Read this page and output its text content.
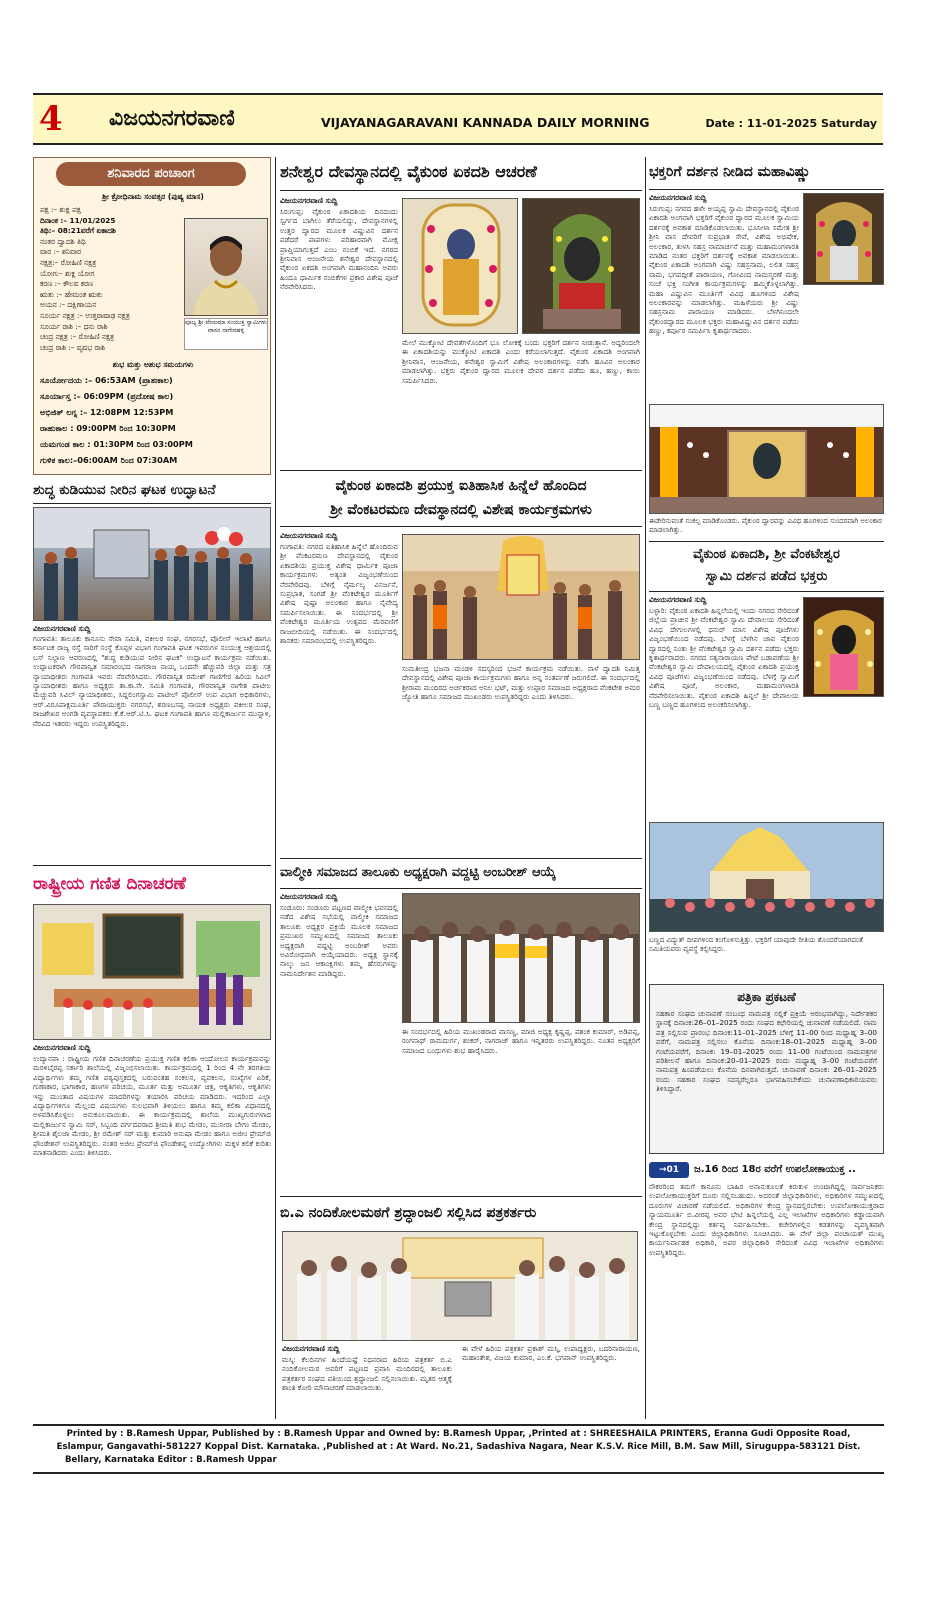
4 ವಿಜಯನಗರವಾಣಿ	VIJAYANAGARAVANI KANNADA DAILY MORNING	Date : 11-01-2025 Saturday
ಶನಿವಾರದ ಪಂಚಾಂಗ
ಶ್ರೀ ಕ್ರೋಧಿನಾಮ ಸಂವತ್ಸರ (ಪುಷ್ಯ ಮಾಸ)
ಪಕ್ಷ :– ಶುಕ್ಲ ಪಕ್ಷ
ದಿನಾಂಕ :– 11/01/2025
ತಿಥಿ:– 08:21ವರೆಗೆ ಏಕಾದಶಿ
ನಂತರ ದ್ವಾದಶಿ ತಿಥಿ
ವಾರ :– ಶನಿವಾರ
ನಕ್ಷತ್ರ:– ರೋಹಿಣಿ ನಕ್ಷತ್ರ
ಯೋಗ:– ಶುಕ್ಲ ಯೋಗ
ಕರಣ :– ಕೌಲವ ಕರಣ
ಋತು :– ಹೇಮಂತ ಋತು
ಅಯನ :– ದಕ್ಷಿಣಾಯನ
ಸೂರ್ಯ ನಕ್ಷತ್ರ :– ಉತ್ತರಾಷಾಢ ನಕ್ಷತ್ರ
ಸೂರ್ಯ ರಾಶಿ :– ಧನು ರಾಶಿ
ಚಂದ್ರ ನಕ್ಷತ್ರ :– ರೋಹಿಣಿ ನಕ್ಷತ್ರ
ಚಂದ್ರ ರಾಶಿ :– ವೃಷಭ ರಾಶಿ
ಪೂಜ್ಯ ಶ್ರೀ ವೇಣುಮಾ ಸಂಯುಕ್ತ ಸ್ವಾಮಿಗಳು ವಾಸನ ನಾಗೇನಹಳ್ಳಿ
ಶುಭ ಮತ್ತು ಅಶುಭ ಸಮಯಗಳು
ಸೂರ್ಯೋದಯ :– 06:53AM (ಪ್ರಾತಃಕಾಲ)
ಸೂರ್ಯಾಸ್ತ :– 06:09PM (ಪ್ರದೋಷ ಕಾಲ)
ಅಭಿಜಿತ್ ಲಗ್ನ :– 12:08PM 12:53PM
ರಾಹುಕಾಲ : 09:00PM ರಿಂದ 10:30PM
ಯಮಗಂಡ ಕಾಲ : 01:30PM ರಿಂದ 03:00PM
ಗುಳಿಕ ಕಾಲ:–06:00AM ರಿಂದ 07:30AM
ಶುದ್ಧ ಕುಡಿಯುವ ನೀರಿನ ಘಟಕ ಉದ್ಘಾಟನೆ
ವಿಜಯನಗರವಾಣಿ ಸುದ್ದಿ
ಗಂಗಾವತಿ: ತಾಲೂಕು ಕಾನೂನು ಸೇವಾ ಸಮಿತಿ, ವಕೀಲರ ಸಂಘ, ನಗರಸಭೆ, ಪೊಲೀಸ್ ಇಲಾಖೆ ಹಾಗೂ ಕರ್ನಾಟಕ ರಾಜ್ಯ ರಸ್ತೆ ಸಾರಿಗೆ ಸಂಸ್ಥೆ ಕೊಪ್ಪಳ ವಿಭಾಗ ಗಂಗಾವತಿ ಘಟಕ ಇವರುಗಳ ಸಂಯುಕ್ತ ಆಶ್ರಯದಲ್ಲಿ ಬಸ್ ನಿಲ್ದಾಣ ಆವರಣದಲ್ಲಿ "ಶುದ್ಧ ಕುಡಿಯುವ ನೀರಿನ ಘಟಕ" ಉದ್ಘಾಟನೆ ಕಾರ್ಯಕ್ರಮ ನಡೆಯಿತು. ಉದ್ಘಾಟಕರಾಗಿ ಗೌರವಾನ್ವಿತ ಸಮಾರಂಭದ ನಾಗರಾಜ ನಾಯ್ಕ ಒಂದನೇ ಹೆಚ್ಚುವರಿ ಜಿಲ್ಲಾ ಮತ್ತು ಸತ್ರ ನ್ಯಾಯಾಧೀಶರು ಗಂಗಾವತಿ ಇವರು ನೆರವೇರಿಸಿದರು. ಗೌರವಾನ್ವಿತ ರಮೇಶ್ ಗಾಣಿಗೇರ ಹಿರಿಯ ಸಿವಿಲ್ ನ್ಯಾಯಾಧೀಶರು ಹಾಗೂ ಅಧ್ಯಕ್ಷರು ತಾ.ಕಾ.ಸೇ. ಸಮಿತಿ ಗಂಗಾವತಿ, ಗೌರವಾನ್ವಿತ ನಾಗೇಶ ಪಾಟೀಲ ಮೆಚ್ಚುವರಿ ಸಿವಿಲ್ ನ್ಯಾಯಾಧೀಶರು, ಸಿದ್ದಲಿಂಗಸ್ವಾಮಿ ಪಾಟೀಲ್ ಪೊಲೀಸ್ ಉಪ ವಿಭಾಗ ಅಧಿಕಾರಿಗಳು, ಆರ್.ವಿರೂಪಾಕ್ಷಮೂರ್ತಿ ಪೌರಾಯುಕ್ತರು ನಗರಸಭೆ, ಶರಣಬಸಪ್ಪ ನಾಯಕ ಅಧ್ಯಕ್ಷರು ವಕೀಲರ ಸಂಘ, ರಾಜಶೇಖರ ಅಂಗಡಿ ವ್ಯವಸ್ಥಾಪಕರು ಕೆ.ಕೆ.ಆರ್.ಟಿ.ಸಿ. ಘಟಕ ಗಂಗಾವತಿ ಹಾಗೂ ಮಲ್ಲಿಕಾರ್ಜುನ ಮುನ್ನಾಳಿ, ನೆರವಿದ ಇತರರು ಇದ್ದರು ಉಪಸ್ಥಿತರಿದ್ದರು.
ರಾಷ್ಟ್ರೀಯ ಗಣಿತ ದಿನಾಚರಣೆ
ವಿಜಯನಗರವಾಣಿ ಸುದ್ದಿ
ಉದ್ಯಾನವಾ : ರಾಷ್ಟ್ರೀಯ ಗಣಿತ ದಿನಾಚರಣೆಯ ಪ್ರಯುಕ್ತ ಗಣಿತ ಕಲಿಕಾ ಆಂದೋಲನ ಕಾರ್ಯಕ್ರಮವನ್ನು ಮರಳಿಬೈರಪ್ಪ ಸರ್ಕಾರಿ ಶಾಲೆಯಲ್ಲಿ ವಿಜೃಂಭಿಸಲಾಯಿತು. ಕಾರ್ಯಕ್ರಮದಲ್ಲಿ 1 ರಿಂದ 4 ನೇ ತರಗತಿಯ ವಿದ್ಯಾರ್ಥಿಗಳು ತಮ್ಮ ಗಣಿತ ಪಠ್ಯಪುಸ್ತಕದಲ್ಲಿ ಬರುವಂತಹ ಸಂಕಲನ, ವ್ಯವಕಲನ, ಸಂಖ್ಯೆಗಳ ಏರಿಕೆ, ಗುಣಾಕಾರ, ಭಾಗಾಕಾರ, ಹಣಗಳ ಪರಿಚಯ, ಮೂರ್ತ ಮತ್ತು ಅಮೂರ್ತ ಚಿತ್ರ, ಆಕೃತಿಗಳು, ಆಕೃತಿಗಳು ಇನ್ನು ಮುಂತಾದ ವಿಷಯಗಳ ಮಾದರಿಗಳನ್ನು ತಯಾರಿಸಿ ಪರಿಚಯ ಮಾಡಿದರು. ಇದರಿಂದ ಎಲ್ಲಾ ವಿದ್ಯಾರ್ಥಿಗಳಿಗೂ ಮೆಲ್ಲಂದ ವಿಷಯಗಳು ಸುಲಭವಾಗಿ ತಿಳಿಯಲು ಹಾಗೂ ತಮ್ಮ ಕಲಿಕಾ ವಿಧಾನದಲ್ಲಿ ಅಳವಡಿಸಿಕೊಳ್ಳಲು ಅನುಕೂಲವಾಯಿತು. ಈ ಕಾರ್ಯಕ್ರಮದಲ್ಲಿ ಶಾಲೆಯ ಮುಖ್ಯಗುರುಗಳಾದ ಮಲ್ಲಿಕಾರ್ಜುನ ಸ್ವಾಮಿ ಸರ್, ಸಿಬ್ಬಂದಿ ವರ್ಗದವರಾದ ಶ್ರೀಮತಿ ಶುಭ ಮೇಡಂ, ಮುನೀರಾ ಬೇಗಂ ಮೇಡಂ, ಶ್ರೀಮತಿ ಶೈಲಜಾ ಮೇಡಂ, ಶ್ರೀ ರಮೇಶ್ ಸರ್ ಮತ್ತು ಕುಮಾರಿ ಅನುಷಾ ಮೇಡಂ ಹಾಗೂ ಅಜೀಂ ಪ್ರೇಮ್‌ಜಿ ಫೌಂಡೇಶನ್ ಉಪಸ್ಥಿತರಿದ್ದರು. ನಂತರ ಅಜೀಂ ಪ್ರೇಮ್‌ಜಿ ಫೌಂಡೇಶನ್ನ ಉದ್ಯೋಗಿಗಳು ಮಕ್ಕಳ ಕಲಿಕೆ ಕುರಿತು ಮಾತನಾಡಿದರು ಎಂದು ತಿಳಿಸಿದರು.
ಶನೇಶ್ವರ ದೇವಸ್ಥಾನದಲ್ಲಿ ವೈಕುಂಠ ಏಕದಶಿ ಆಚರಣೆ
ವಿಜಯನಗರವಾಣಿ ಸುದ್ದಿ
ಸಿರುಗುಪ್ಪ: ವೈಕುಂಠ ಏಕಾದಶಿಯ ದಿನದಂದು ಸ್ವರ್ಗದ ಬಾಗಿಲು ತೆರೆಯಲಿದ್ದು, ದೇವಸ್ಥಾನಗಳಲ್ಲಿ ಉತ್ತರ ದ್ವಾರದ ಮೂಲಕ ವಿಷ್ಣುವಿನ ದರ್ಶನ ಪಡೆದರೆ ಪಾಪಗಳು ಪರಿಹಾರವಾಗಿ ಮೋಕ್ಷ ಪ್ರಾಪ್ತಿಯಾಗುತ್ತದೆ ಎಂಬ ನಂಬಿಕೆ ಇದೆ. ನಗರದ ಶ್ರೀನಿವಾಸ ಆಂಜನೇಯ ಶನೇಶ್ವರ ದೇವಸ್ಥಾನದಲ್ಲಿ ವೈಕುಂಠ ಏಕದಶಿ ಅಂಗವಾಗಿ ಮಹಾನಂದಿನಿ ಅವರು ಹಿಂದೂ ಧಾರ್ಮಿಕ ನಂಬಿಕೆಗಳ ಪ್ರಕಾರ ವಿಶೇಷ ಪೂಜೆ ನೆರವೇರಿಸಿದರು.
ಮೇಲೆ ಮುಕ್ಕೋಟಿ ದೇವತೆಗಳೊಂದಿಗೆ ಭೂ ಲೋಕಕ್ಕೆ ಬಂದು ಭಕ್ತರಿಗೆ ದರ್ಶನ ನೀಡುತ್ತಾನೆ. ಅದ್ದರಿಂದಲೇ ಈ ಏಕಾದಶಿಯನ್ನು ಮುಕ್ಕೋಟಿ ಏಕಾದಶಿ ಎಂದು ಕರೆಯಲಾಗುತ್ತದೆ. ವೈಕುಂಠ ಏಕಾದಶಿ ಅಂಗವಾಗಿ ಶ್ರೀನಿವಾಸ, ಆಂಜನೇಯ, ಶನೇಶ್ವರ ಸ್ವಾಮಿಗೆ ವಿಶೇಷ ಅಲಂಕಾರಗಳನ್ನು ನಡೆಸಿ ಹೂವಿನ ಅಲಂಕಾರ ಮಾಡಲಾಗಿತ್ತು. ಭಕ್ತರು ವೈಕುಂಠ ದ್ವಾರದ ಮೂಲಕ ದೇವರ ದರ್ಶನ ಪಡೆದು ಹೂ, ಹಣ್ಣು, ಕಾಯಿ ಸಮರ್ಪಿಸಿದರು.
ವೈಕುಂಠ ಏಕಾದಶಿ ಪ್ರಯುಕ್ತ ಐತಿಹಾಸಿಕ ಹಿನ್ನೆಲೆ ಹೊಂದಿದ
ಶ್ರೀ ವೆಂಕಟರಮಣ ದೇವಸ್ಥಾನದಲ್ಲಿ ವಿಶೇಷ ಕಾರ್ಯಕ್ರಮಗಳು
ವಿಜಯನಗರವಾಣಿ ಸುದ್ದಿ
ಗಂಗಾವತಿ: ನಗರದ ಐತಿಹಾಸಿಕ ಹಿನ್ನೆಲೆ ಹೊಂದಿರುವ ಶ್ರೀ ವೆಂಕಟರಮಣ ದೇವಸ್ಥಾನದಲ್ಲಿ ವೈಕುಂಠ ಏಕಾದಶಿಯ ಪ್ರಯುಕ್ತ ವಿಶೇಷ ಧಾರ್ಮಿಕ ಪೂಜಾ ಕಾರ್ಯಕ್ರಮಗಳು ಅತ್ಯಂತ ವಿಜೃಂಭಣೆಯಿಂದ ನೆರವೇರಿದವು. ಬೆಳಿಗ್ಗೆ ನೈರ್ಮಲ್ಯ ವಿಸರ್ಜನೆ, ಸುಪ್ರಭಾತ, ಸಂಗಡೆ ಶ್ರೀ ವೆಂಕಟೇಶ್ವರ ಮೂರ್ತಿಗೆ ವಿಶೇಷ ಪುಷ್ಪಾ ಅಲಂಕಾರ ಹಾಗೂ ನೈವೇದ್ಯ ಸಮರ್ಪಿಸಲಾಯಿತು. ಈ ಸಂದರ್ಭದಲ್ಲಿ ಶ್ರೀ ವೆಂಕಟೇಶ್ವರ ಮೂರ್ತಿಯ ಉತ್ಸವದ ಮೆರವಣಿಗೆ ರಾಜಬೀದಿಯಲ್ಲಿ ನಡೆಯಿತು. ಈ ಸಂದರ್ಭದಲ್ಲಿ ಶಾಸಕರು ಸಮಾರಂಭದಲ್ಲಿ ಉಪಸ್ಥಿತರಿದ್ದರು.
ಸುಮತೀಂದ್ರ ಭಜನಾ ಮಂಡಳಿ ಸದಸ್ಯರಿಂದ ಭಜನೆ ಕಾರ್ಯಕ್ರಮ ನಡೆಯಿತು. ನಾಳೆ ದ್ವಾದಶಿ ನಿಮಿತ್ತ ದೇವಸ್ಥಾನದಲ್ಲಿ ವಿಶೇಷ ಪೂಜಾ ಕಾರ್ಯಕ್ರಮಗಳು ಹಾಗೂ ಅನ್ನ ಸಂತರ್ಪಣೆ ಜರುಗಲಿದೆ. ಈ ಸಂದರ್ಭದಲ್ಲಿ ಶ್ರೀರಾಮ ಮಂದಿರದ ಅರ್ಚಕರಾದ ಅನಿಲ ಭಟ್, ಮತ್ತು ಉಪ್ಪಾರ ಸಮಾಜದ ಅಧ್ಯಕ್ಷರಾದ ವೆಂಕಟೇಶ ಅಮರ ಜ್ಯೋತಿ ಹಾಗೂ ಸಮಾಜದ ಮುಖಂಡರು ಉಪಸ್ಥಿತರಿದ್ದರು ಎಂದು ತಿಳಿಸಿದರು.
ವಾಲ್ಮೀಕಿ ಸಮಾಜದ ತಾಲೂಕು ಅಧ್ಯಕ್ಷರಾಗಿ ವದ್ದಟ್ಟಿ ಅಂಬರೀಶ್ ಆಯ್ಕೆ
ವಿಜಯನಗರವಾಣಿ ಸುದ್ದಿ
ಸಂಡೂರು: ಸಂಡೂರು ಪಟ್ಟಣದ ವಾಲ್ಮೀಕಿ ಭವನದಲ್ಲಿ ನಡೆದ ವಿಶೇಷ ಸಭೆಯಲ್ಲಿ ವಾಲ್ಮೀಕಿ ಸಮಾಜದ ತಾಲೂಕು ಅಧ್ಯಕ್ಷರ ಪ್ರಕ್ರಿಯೆ ಮೂಲಕ ಸಮಾಜದ ಪ್ರಮುಖರ ಸಮ್ಮುಖದಲ್ಲಿ ಸಮಾಜದ ತಾಲೂಕು ಅಧ್ಯಕ್ಷರಾಗಿ ವದ್ದಟ್ಟಿ ಅಂಬರೀಶ್ ಅವರು ಅವಿರೋಧವಾಗಿ ಆಯ್ಕೆಯಾದರು. ಅಧ್ಯಕ್ಷ ಸ್ಥಾನಕ್ಕೆ ನಾಲ್ಕು ಜನ ಆಕಾಂಕ್ಷಿಗಳು ತಮ್ಮ ಹೆಸರುಗಳನ್ನು ನಾಮನಿರ್ದೇಶನ ಮಾಡಿದ್ದರು.
ಈ ಸಂದರ್ಭದಲ್ಲಿ ಹಿರಿಯ ಮುಖಂಡರಾದ ವಾಸಣ್ಣ, ಮಾಜಿ ಅಧ್ಯಕ್ಷ ಕೃಷ್ಣಪ್ಪ, ಪಶಂಕ ಕುಮಾರ್, ಅಡಿವಪ್ಪ, ರಂಗನಾಥ್ ರಾಮದುರ್ಗ, ಶಂಕರ್, ನಾಗರಾಜ್ ಹಾಗೂ ಇನ್ನಿತರರು ಉಪಸ್ಥಿತರಿದ್ದರು. ನೂತನ ಅಧ್ಯಕ್ಷರಿಗೆ ಸಮಾಜದ ಬಂಧುಗಳು ಶುಭ ಹಾರೈಸಿದರು.
ಬಿ.ಎ ನಂದಿಕೋಲಮಠಗೆ ಶ್ರದ್ಧಾಂಜಲಿ ಸಲ್ಲಿಸಿದ ಪತ್ರಕರ್ತರು
ವಿಜಯನಗರವಾಣಿ ಸುದ್ದಿ
ಮಸ್ಕಿ: ಕೆಲದಿನಗಳ ಹಿಂದೆಯಷ್ಟೆ ನಿಧನರಾದ ಹಿರಿಯ ಪತ್ರಕರ್ತ ಬಿ.ಎ ನಂದಿಕೋಲಮಠ ಅವರಿಗೆ ಪಟ್ಟಣದ ಪ್ರವಾಸಿ ಮಂದಿರದಲ್ಲಿ ತಾಲೂಕು ಪತ್ರಕರ್ತರ ಸಂಘದ ವತಿಯಿಂದ ಶ್ರದ್ಧಾಂಜಲಿ ಸಲ್ಲಿಸಲಾಯಿತು. ಮೃತರ ಆತ್ಮಕ್ಕೆ ಶಾಂತಿ ಕೋರಿ ಮೌನಾಚರಣೆ ಮಾಡಲಾಯಿತು.
ಈ ವೇಳೆ ಹಿರಿಯ ಪತ್ರಕರ್ತ ಪ್ರಕಾಶ್ ಮಸ್ಕಿ, ಉಪಾಧ್ಯಕ್ಷರು, ಬದರಿನಾರಾಯಣ, ಮಹಾಂತೇಶ, ವಿಜಯ ಕುಮಾರ, ಎಂ.ಕೆ. ಭಗವಾನ್ ಉಪಸ್ಥಿತರಿದ್ದರು.
ಭಕ್ತರಿಗೆ ದರ್ಶನ ನೀಡಿದ ಮಹಾವಿಷ್ಣು
ವಿಜಯನಗರವಾಣಿ ಸುದ್ದಿ
ಸಿರುಗುಪ್ಪ: ನಗರದ ಹಳೇ ಅಯ್ಯಪ್ಪ ಸ್ವಾಮಿ ದೇವಸ್ಥಾನದಲ್ಲಿ ವೈಕುಂಠ ಏಕಾದಶಿ ಅಂಗವಾಗಿ ಭಕ್ತರಿಗೆ ವೈಕುಂಠ ದ್ವಾರದ ಮೂಲಕ ಸ್ವಾಮಿಯ ದರ್ಶನಕ್ಕೆ ಅವಕಾಶ ಮಾಡಿಕೊಡಲಾಯಿತು. ಭೂನೀಳಾ ಸಮೇತ ಶ್ರೀ ಶ್ರೀನಿ ವಾಸ ದೇವರಿಗೆ ಸುಪ್ರಭಾತ ಸೇವೆ, ವಿಶೇಷ ಅಭಿಷೇಕ, ಅಲಂಕಾರ, ತುಳಸಿ ಸಹಸ್ರ ನಾಮಾರ್ಚನೆ ಮತ್ತು ಮಹಾಮಂಗಳಾರತಿ ಮಾಡಿದ ನಂತರ ಭಕ್ತರಿಗೆ ದರ್ಶನಕ್ಕೆ ಅವಕಾಶ ಮಾಡಲಾಯಿತು. ವೈಕುಂಠ ಏಕಾದಶಿ ಅಂಗವಾಗಿ ವಿಷ್ಣು ಸಹಸ್ರನಾಮ, ಲಲಿತ ಸಹಸ್ರ ನಾಮ, ಭಗವದ್ಗೀತೆ ಪಾರಾಯಣ, ಗೋವಿಂದ ನಾಮಸ್ಮರಣೆ ಮತ್ತು ಸಂಜೆ ಭಕ್ತಿ ಸಂಗೀತ ಕಾರ್ಯಕ್ರಮಗಳನ್ನು ಹಮ್ಮಿಕೊಳ್ಳಲಾಗಿತ್ತು. ಮಹಾ ವಿಷ್ಣುವಿನ ಮೂರ್ತಿಗೆ ವಿವಿಧ ಹೂಗಳಿಂದ ವಿಶೇಷ ಅಲಂಕಾರವನ್ನು ಮಾಡಲಾಗಿತ್ತು. ಮಹಿಳೆಯರು ಶ್ರೀ ವಿಷ್ಣು ಸಹಸ್ರನಾಮ ಪಾರಾಯಣ ಮಾಡಿದರು. ಬೆಳಗಿನಿಂದಲೇ ವೈಕುಂಠದ್ವಾರದ ಮೂಲಕ ಭಕ್ತರು ಮಹಾವಿಷ್ಣುವಿನ ದರ್ಶನ ಪಡೆದು ಹಣ್ಣು, ಕರ್ಪೂರ ಸಮರ್ಪಿಸಿ ಕೃತಾರ್ಥರಾದರು.
ಈಡೇರಿಸುವಂತೆ ಸಂಕಲ್ಪ ಮಾಡಿಕೊಂಡರು. ವೈಕುಂಠ ದ್ವಾರವನ್ನು ವಿವಿಧ ಹೂಗಳಿಂದ ಸುಂದರವಾಗಿ ಅಲಂಕಾರ ಮಾಡಲಾಗಿತ್ತು.
ವೈಕುಂಠ ಏಕಾದಶಿ, ಶ್ರೀ ವೆಂಕಟೇಶ್ವರ
ಸ್ವಾಮಿ ದರ್ಶನ ಪಡೆದ ಭಕ್ತರು
ವಿಜಯನಗರವಾಣಿ ಸುದ್ದಿ
ಬಳ್ಳಾರಿ: ವೈಕುಂಠ ಏಕಾದಶಿ ಹಿನ್ನಲೆಯಲ್ಲಿ ಇಂದು ನಗರದ ಸೇರಿದಂತೆ ಜಿಲ್ಲೆಯ ಪ್ರಾಚೀನ ಶ್ರೀ ವೆಂಕಟೇಶ್ವರ ಸ್ವಾಮಿ ದೇವಾಲಯ ಸೇರಿದಂತೆ ವಿವಿಧ ದೇಗುಲಗಳಲ್ಲಿ ಧನುರ್ ಮಾಸ ವಿಶೇಷ ಪೂಜೆಗಳು ವಿಜೃಂಭಣೆಯಿಂದ ನಡೆದವು. ಬೆಳಗ್ಗೆ ಬೆಳಗಿನ ಜಾವ ವೈಕುಂಠ ದ್ವಾರದಲ್ಲಿ ನಿಂತು ಶ್ರೀ ವೆಂಕಟೇಶ್ವರ ಸ್ವಾಮಿ ದರ್ಶನ ಪಡೆದು ಭಕ್ತರು ಕೃತಾರ್ಥರಾದರು. ನಗರದ ಸತ್ಯನಾರಾಯಣ ಪೇಟೆ ಬಡಾವಣೆಯ ಶ್ರೀ ವೆಂಕಟೇಶ್ವರ ಸ್ವಾಮಿ ದೇವಾಲಯದಲ್ಲಿ ವೈಕುಂಠ ಏಕಾದಶಿ ಪ್ರಯುಕ್ತ ವಿವಿಧ ಪೂಜೆಗಳು ವಿಜೃಂಭಣೆಯಿಂದ ನಡೆದವು. ಬೆಳಗ್ಗೆ ಸ್ವಾಮಿಗೆ ವಿಶೇಷ ಪೂಜೆ, ಅಲಂಕಾರ, ಮಹಾಮಂಗಳಾರತಿ ನೆರವೇರಿಸಲಾಯಿತು. ವೈಕುಂಠ ಏಕಾದಶಿ ಹಿನ್ನಲೆ ಶ್ರೀ ದೇವಾಲಯ ಬಣ್ಣ ಬಣ್ಣದ ಹೂಗಳಿಂದ ಅಲಂಕರಿಸಲಾಗಿತ್ತು.
ಬಣ್ಣದ ವಿದ್ಯುತ್ ದೀಪಗಳಿಂದ ಕಂಗೊಳಿಸುತ್ತಿತ್ತು. ಭಕ್ತರಿಗೆ ಯಾವುದೇ ರೀತಿಯ ತೊಂದರೆಯಾಗದಂತೆ ಸಮಿತಿಯವರು ವ್ಯವಸ್ಥೆ ಕಲ್ಪಿಸಿದ್ದರು.
ಪತ್ರಿಕಾ ಪ್ರಕಟಣೆ
ಸಹಕಾರ ಸಂಘದ ಚುನಾವಣೆ ಸಂಬಂಧ ನಾಮಪತ್ರ ಸಲ್ಲಿಕೆ ಪ್ರಕ್ರಿಯೆ ಆರಂಭವಾಗಿದ್ದು, ನಿರ್ದೇಶಕರ ಸ್ಥಾನಕ್ಕೆ ದಿನಾಂಕ:26–01–2025 ರಂದು ಸಂಘದ ಕಛೇರಿಯಲ್ಲಿ ಚುನಾವಣೆ ನಡೆಯಲಿದೆ. ನಾಮ ಪತ್ರ ಸಲ್ಲಿಸುವ ಪ್ರಾರಂಭ ದಿನಾಂಕ:11–01–2025 ಬೆಳಿಗ್ಗೆ 11–00 ರಿಂದ ಮಧ್ಯಾಹ್ನ 3–00 ವರೆಗೆ, ನಾಮಪತ್ರ ಸಲ್ಲಿಸಲು ಕೊನೆಯ ದಿನಾಂಕ:18–01–2025 ಮಧ್ಯಾಹ್ನ 3–00 ಗಂಟೆಯವರೆಗೆ, ದಿನಾಂಕ: 19–01–2025 ರಂದು 11–00 ಗಂಟೆಯಿಂದ ನಾಮಪತ್ರಗಳ ಪರಿಶೀಲನೆ ಹಾಗೂ ದಿನಾಂಕ:20–01–2025 ರಂದು ಮಧ್ಯಾಹ್ನ 3–00 ಗಂಟೆಯವರೆಗೆ ನಾಮಪತ್ರ ಹಿಂಪಡೆಯಲು ಕೊನೆಯ ದಿನವಾಗಿರುತ್ತದೆ. ಚುನಾವಣೆ ದಿನಾಂಕ: 26–01–2025 ರಂದು ಸಹಕಾರ ಸಂಘದ ಸದಸ್ಯರೆಲ್ಲರೂ ಭಾಗವಹಿಸಬೇಕೆಂದು ಚುನಾವಣಾಧಿಕಾರಿಯವರು ತಿಳಿಸಿದ್ದಾರೆ.
→01	ಜ.16 ರಿಂದ 18ರ ವರೆಗೆ ಉಪಲೋಕಾಯುಕ್ತ ..
ನೌಕರರಿಂದ ತಮಗೆ ಕಾನೂನು ಬಾಹಿರ ಅನಾನುಕೂಲತೆ ಕಿರುಕುಳ ಉಂಟಾಗಿದ್ದಲ್ಲಿ ಸಾರ್ವಜನಿಕರು ಉಪಲೋಕಾಯುಕ್ತರಿಗೆ ದೂರು ಸಲ್ಲಿಸಬಹುದು. ಅದರಂತೆ ಜಿಲ್ಲಾಧಿಕಾರಿಗಳು, ಅಧಿಕಾರಿಗಳ ಸಮ್ಮುಖದಲ್ಲಿ ದೂರುಗಳ ವಿಚಾರಣೆ ನಡೆಯಲಿದೆ. ಅಧಿಕಾರಿಗಳ ಕೇಂದ್ರ ಸ್ಥಾನದಲ್ಲಿರಬೇಕು: ಉಪಲೋಕಾಯುಕ್ತರಾದ ನ್ಯಾಯಮೂರ್ತಿ ಬಿ.ವೀರಪ್ಪ ಅವರ ಭೇಟಿ ಹಿನ್ನಲೆಯಲ್ಲಿ ಎಲ್ಲ ಇಲಾಖೆಗಳ ಅಧಿಕಾರಿಗಳು ಕಡ್ಡಾಯವಾಗಿ ಕೇಂದ್ರ ಸ್ಥಾನದಲ್ಲಿದ್ದು ಕರ್ತವ್ಯ ನಿರ್ವಹಿಸಬೇಕು. ಕಚೇರಿಗಳಲ್ಲಿನ ಕಡತಗಳನ್ನು ವ್ಯವಸ್ಥಿತವಾಗಿ ಇಟ್ಟುಕೊಳ್ಳಬೇಕು ಎಂದು ಜಿಲ್ಲಾಧಿಕಾರಿಗಳು ಸೂಚಿಸಿದರು. ಈ ವೇಳೆ ಜಿಲ್ಲಾ ಪಂಚಾಯತ್ ಮುಖ್ಯ ಕಾರ್ಯನಿರ್ವಾಹಕ ಅಧಿಕಾರಿ, ಅಪರ ಜಿಲ್ಲಾಧಿಕಾರಿ ಸೇರಿದಂತೆ ವಿವಿಧ ಇಲಾಖೆಗಳ ಅಧಿಕಾರಿಗಳು ಉಪಸ್ಥಿತರಿದ್ದರು.
Printed by : B.Ramesh Uppar, Published by : B.Ramesh Uppar and Owned by: B.Ramesh Uppar, ,Printed at : SHREESHAILA PRINTERS, Eranna Gudi Opposite Road,
Eslampur, Gangavathi-581227 Koppal Dist. Karnataka. ,Published at : At Ward. No.21, Sadashiva Nagara, Near K.S.V. Rice Mill, B.M. Saw Mill, Siruguppa-583121 Dist.
Bellary, Karnataka Editor : B.Ramesh Uppar
